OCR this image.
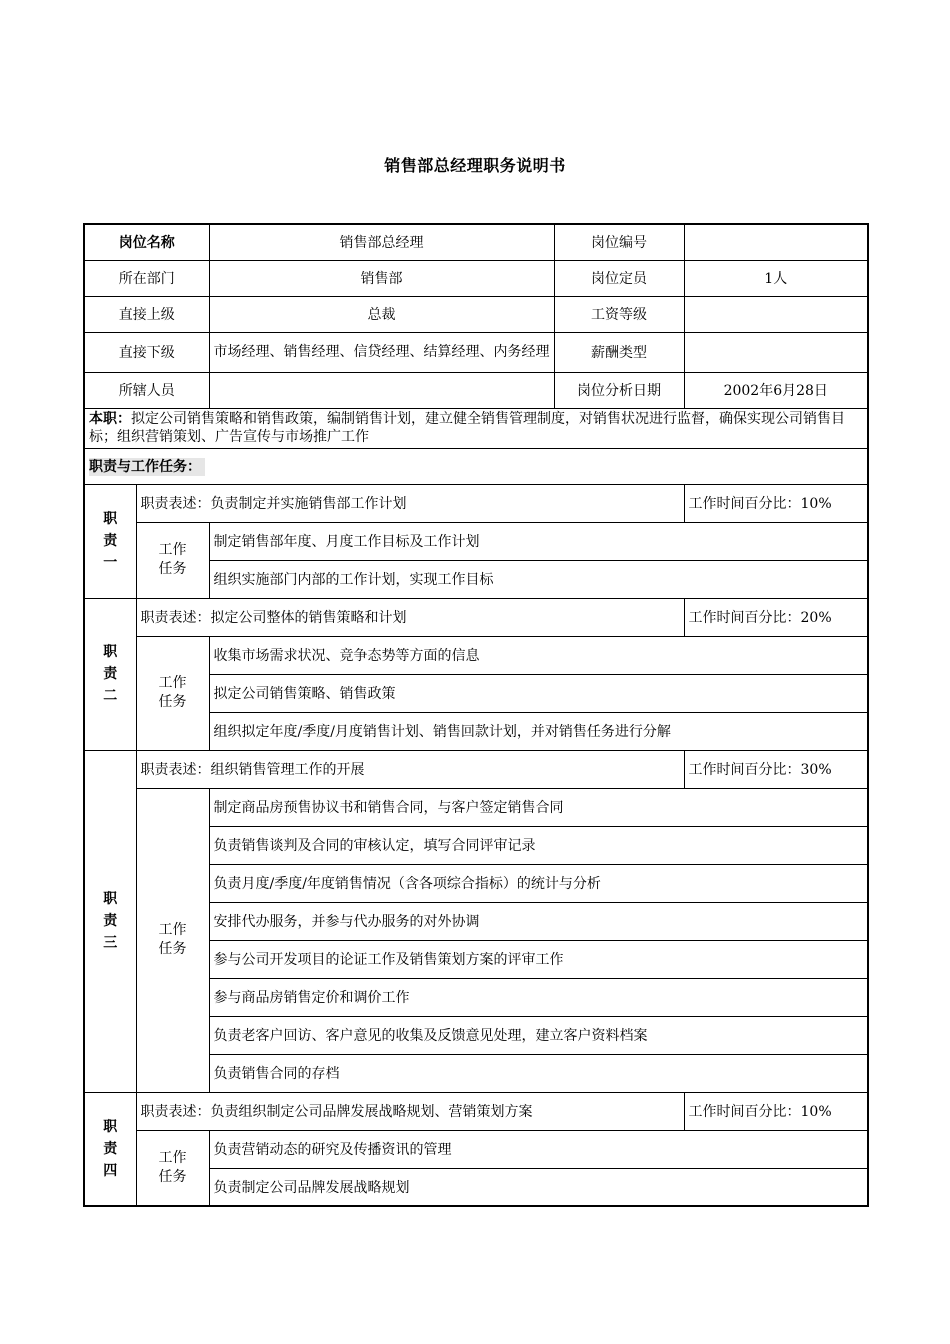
销售部总经理职务说明书
岗位名称		销售部总经理	岗位编号	
所在部门		销售部	岗位定员	1人
直接上级		总裁	工资等级	
直接下级		市场经理、销售经理、信贷经理、结算经理、内务经理	薪酬类型	
所辖人员			岗位分析日期	2002年6月28日
本职：拟定公司销售策略和销售政策，编制销售计划，建立健全销售管理制度，对销售状况进行监督，确保实现公司销售目标；组织营销策划、广告宣传与市场推广工作				
职责与工作任务：				

职
责
一	职责表述：负责制定并实施销售部工作计划			工作时间百分比：10%

	工作
任务	制定销售部年度、月度工作目标及工作计划		
		组织实施部门内部的工作计划，实现工作目标		

职
责
二	职责表述：拟定公司整体的销售策略和计划			工作时间百分比：20%

	工作
任务	收集市场需求状况、竞争态势等方面的信息		
		拟定公司销售策略、销售政策		
		组织拟定年度/季度/月度销售计划、销售回款计划，并对销售任务进行分解		

职
责
三	职责表述：组织销售管理工作的开展			工作时间百分比：30%

	工作
任务	制定商品房预售协议书和销售合同，与客户签定销售合同		
		负责销售谈判及合同的审核认定，填写合同评审记录		
		负责月度/季度/年度销售情况（含各项综合指标）的统计与分析		
		安排代办服务，并参与代办服务的对外协调		
		参与公司开发项目的论证工作及销售策划方案的评审工作		
		参与商品房销售定价和调价工作		
		负责老客户回访、客户意见的收集及反馈意见处理，建立客户资料档案		
		负责销售合同的存档		

职
责
四	职责表述：负责组织制定公司品牌发展战略规划、营销策划方案			工作时间百分比：10%

	工作
任务	负责营销动态的研究及传播资讯的管理		
		负责制定公司品牌发展战略规划		
